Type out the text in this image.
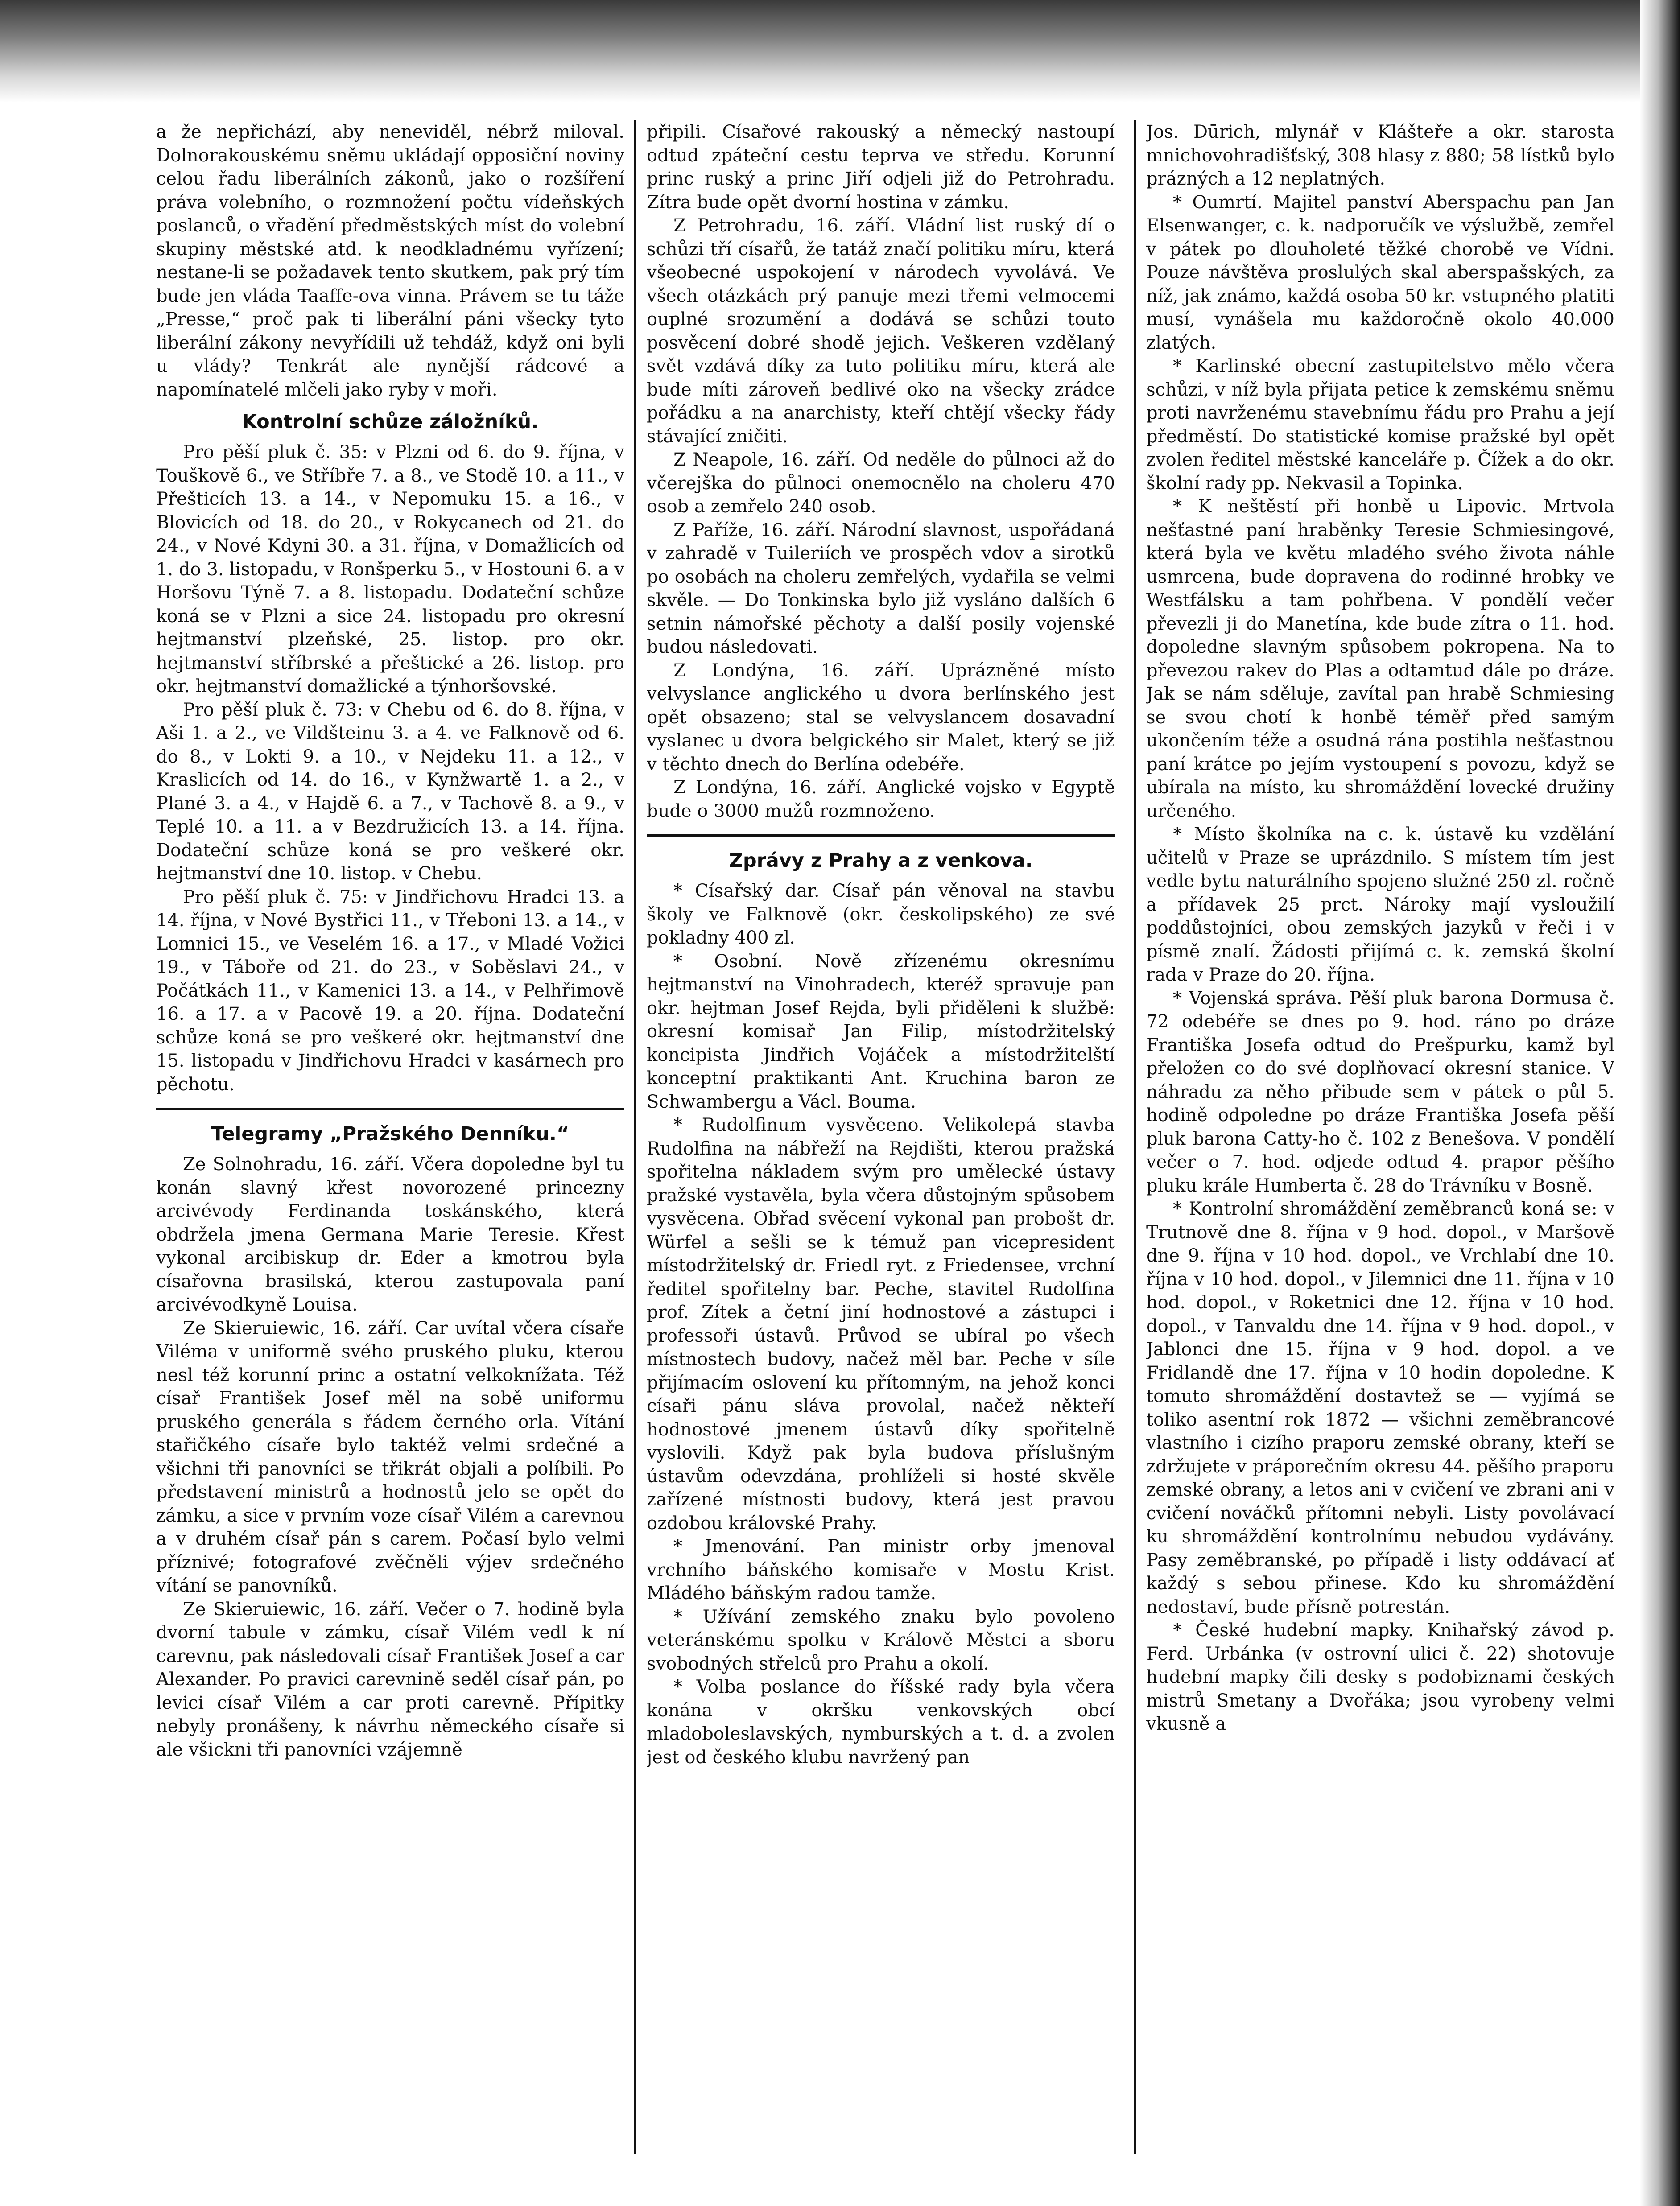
a že nepřichází, aby neneviděl, nébrž miloval. Dolnorakouskému sněmu ukládají opposiční noviny celou řadu liberálních zákonů, jako o rozšíření práva volebního, o rozmnožení počtu vídeňských poslanců, o vřadění předměstských míst do volební skupiny městské atd. k neodkladnému vyřízení; nestane-li se požadavek tento skutkem, pak prý tím bude jen vláda Taaffe-ova vinna. Právem se tu táže „Presse,“ proč pak ti liberální páni všecky tyto liberální zákony nevyřídili už tehdáž, když oni byli u vlády? Tenkrát ale nynější rádcové a napomínatelé mlčeli jako ryby v moři.

Kontrolní schůze záložníků.

Pro pěší pluk č. 35: v Plzni od 6. do 9. října, v Touškově 6., ve Stříbře 7. a 8., ve Stodě 10. a 11., v Přešticích 13. a 14., v Nepomuku 15. a 16., v Blovicích od 18. do 20., v Rokycanech od 21. do 24., v Nové Kdyni 30. a 31. října, v Domažlicích od 1. do 3. listopadu, v Ronšperku 5., v Hostouni 6. a v Horšovu Týně 7. a 8. listopadu. Dodateční schůze koná se v Plzni a sice 24. listopadu pro okresní hejtmanství plzeňské, 25. listop. pro okr. hejtmanství stříbrské a přeštické a 26. listop. pro okr. hejtmanství domažlické a týnhoršovské.

Pro pěší pluk č. 73: v Chebu od 6. do 8. října, v Aši 1. a 2., ve Vildšteinu 3. a 4. ve Falknově od 6. do 8., v Lokti 9. a 10., v Nejdeku 11. a 12., v Kraslicích od 14. do 16., v Kynžwartě 1. a 2., v Plané 3. a 4., v Hajdě 6. a 7., v Tachově 8. a 9., v Teplé 10. a 11. a v Bezdružicích 13. a 14. října. Dodateční schůze koná se pro veškeré okr. hejtmanství dne 10. listop. v Chebu.

Pro pěší pluk č. 75: v Jindřichovu Hradci 13. a 14. října, v Nové Bystřici 11., v Třeboni 13. a 14., v Lomnici 15., ve Veselém 16. a 17., v Mladé Vožici 19., v Táboře od 21. do 23., v Soběslavi 24., v Počátkách 11., v Kamenici 13. a 14., v Pelhřimově 16. a 17. a v Pacově 19. a 20. října. Dodateční schůze koná se pro veškeré okr. hejtmanství dne 15. listopadu v Jindřichovu Hradci v kasárnech pro pěchotu.

Telegramy „Pražského Denníku.“

Ze Solnohradu, 16. září. Včera dopoledne byl tu konán slavný křest novorozené princezny arcivévody Ferdinanda toskánského, která obdržela jmena Germana Marie Teresie. Křest vykonal arcibiskup dr. Eder a kmotrou byla císařovna brasilská, kterou zastupovala paní arcivévodkyně Louisa.

Ze Skieruiewic, 16. září. Car uvítal včera císaře Viléma v uniformě svého pruského pluku, kterou nesl též korunní princ a ostatní velkoknížata. Též císař František Josef měl na sobě uniformu pruského generála s řádem černého orla. Vítání stařičkého císaře bylo taktéž velmi srdečné a všichni tři panovníci se třikrát objali a políbili. Po představení ministrů a hodnostů jelo se opět do zámku, a sice v prvním voze císař Vilém a carevnou a v druhém císař pán s carem. Počasí bylo velmi příznivé; fotografové zvěčněli výjev srdečného vítání se panovníků.

Ze Skieruiewic, 16. září. Večer o 7. hodině byla dvorní tabule v zámku, císař Vilém vedl k ní carevnu, pak následovali císař František Josef a car Alexander. Po pravici carevnině seděl císař pán, po levici císař Vilém a car proti carevně. Přípitky nebyly pronášeny, k návrhu německého císaře si ale všickni tři panovníci vzájemně

připili. Císařové rakouský a německý nastoupí odtud zpáteční cestu teprva ve středu. Korunní princ ruský a princ Jiří odjeli již do Petrohradu. Zítra bude opět dvorní hostina v zámku.

Z Petrohradu, 16. září. Vládní list ruský dí o schůzi tří císařů, že tatáž značí politiku míru, která všeobecné uspokojení v národech vyvolává. Ve všech otázkách prý panuje mezi třemi velmocemi ouplné srozumění a dodává se schůzi touto posvěcení dobré shodě jejich. Veškeren vzdělaný svět vzdává díky za tuto politiku míru, která ale bude míti zároveň bedlivé oko na všecky zrádce pořádku a na anarchisty, kteří chtějí všecky řády stávající zničiti.

Z Neapole, 16. září. Od neděle do půlnoci až do včerejška do půlnoci onemocnělo na choleru 470 osob a zemřelo 240 osob.

Z Paříže, 16. září. Národní slavnost, uspořádaná v zahradě v Tuileriích ve prospěch vdov a sirotků po osobách na choleru zemřelých, vydařila se velmi skvěle. — Do Tonkinska bylo již vysláno dalších 6 setnin námořské pěchoty a další posily vojenské budou následovati.

Z Londýna, 16. září. Uprázněné místo velvyslance anglického u dvora berlínského jest opět obsazeno; stal se velvyslancem dosavadní vyslanec u dvora belgického sir Malet, který se již v těchto dnech do Berlína odebéře.

Z Londýna, 16. září. Anglické vojsko v Egyptě bude o 3000 mužů rozmnoženo.

Zprávy z Prahy a z venkova.

* Císařský dar. Císař pán věnoval na stavbu školy ve Falknově (okr. českolipského) ze své pokladny 400 zl.

* Osobní. Nově zřízenému okresnímu hejtmanství na Vinohradech, kteréž spravuje pan okr. hejtman Josef Rejda, byli přiděleni k službě: okresní komisař Jan Filip, místodržitelský koncipista Jindřich Vojáček a místodržitelští konceptní praktikanti Ant. Kruchina baron ze Schwambergu a Václ. Bouma.

* Rudolfinum vysvěceno. Velikolepá stavba Rudolfina na nábřeží na Rejdišti, kterou pražská spořitelna nákladem svým pro umělecké ústavy pražské vystavěla, byla včera důstojným spůsobem vysvěcena. Obřad svěcení vykonal pan probošt dr. Würfel a sešli se k témuž pan vicepresident místodržitelský dr. Friedl ryt. z Friedensee, vrchní ředitel spořitelny bar. Peche, stavitel Rudolfina prof. Zítek a četní jiní hodnostové a zástupci i professoři ústavů. Průvod se ubíral po všech místnostech budovy, načež měl bar. Peche v síle přijímacím oslovení ku přítomným, na jehož konci císaři pánu sláva provolal, načež někteří hodnostové jmenem ústavů díky spořitelně vyslovili. Když pak byla budova příslušným ústavům odevzdána, prohlíželi si hosté skvěle zařízené místnosti budovy, která jest pravou ozdobou královské Prahy.

* Jmenování. Pan ministr orby jmenoval vrchního báňského komisaře v Mostu Krist. Mládého báňským radou tamže.

* Užívání zemského znaku bylo povoleno veteránskému spolku v Králově Městci a sboru svobodných střelců pro Prahu a okolí.

* Volba poslance do říšské rady byla včera konána v okršku venkovských obcí mladoboleslavských, nymburských a t. d. a zvolen jest od českého klubu navržený pan

Jos. Dūrich, mlynář v Klášteře a okr. starosta mnichovohradišťský, 308 hlasy z 880; 58 lístků bylo prázných a 12 neplatných.

* Oumrtí. Majitel panství Aberspachu pan Jan Elsenwanger, c. k. nadporučík ve výslužbě, zemřel v pátek po dlouholeté těžké chorobě ve Vídni. Pouze návštěva proslulých skal aberspašských, za níž, jak známo, každá osoba 50 kr. vstupného platiti musí, vynášela mu každoročně okolo 40.000 zlatých.

* Karlinské obecní zastupitelstvo mělo včera schůzi, v níž byla přijata petice k zemskému sněmu proti navrženému stavebnímu řádu pro Prahu a její předměstí. Do statistické komise pražské byl opět zvolen ředitel městské kanceláře p. Čížek a do okr. školní rady pp. Nekvasil a Topinka.

* K neštěstí při honbě u Lipovic. Mrtvola nešťastné paní hraběnky Teresie Schmiesingové, která byla ve květu mladého svého života náhle usmrcena, bude dopravena do rodinné hrobky ve Westfálsku a tam pohřbena. V pondělí večer převezli ji do Manetína, kde bude zítra o 11. hod. dopoledne slavným spůsobem pokropena. Na to převezou rakev do Plas a odtamtud dále po dráze. Jak se nám sděluje, zavítal pan hrabě Schmiesing se svou chotí k honbě téměř před samým ukončením téže a osudná rána postihla nešťastnou paní krátce po jejím vystoupení s povozu, když se ubírala na místo, ku shromáždění lovecké družiny určeného.

* Místo školníka na c. k. ústavě ku vzdělání učitelů v Praze se uprázdnilo. S místem tím jest vedle bytu naturálního spojeno služné 250 zl. ročně a přídavek 25 prct. Nároky mají vysloužilí poddůstojníci, obou zemských jazyků v řeči i v písmě znalí. Žádosti přijímá c. k. zemská školní rada v Praze do 20. října.

* Vojenská správa. Pěší pluk barona Dormusa č. 72 odebéře se dnes po 9. hod. ráno po dráze Františka Josefa odtud do Prešpurku, kamž byl přeložen co do své doplňovací okresní stanice. V náhradu za něho přibude sem v pátek o půl 5. hodině odpoledne po dráze Františka Josefa pěší pluk barona Catty-ho č. 102 z Benešova. V pondělí večer o 7. hod. odjede odtud 4. prapor pěšího pluku krále Humberta č. 28 do Trávníku v Bosně.

* Kontrolní shromáždění zeměbranců koná se: v Trutnově dne 8. října v 9 hod. dopol., v Maršově dne 9. října v 10 hod. dopol., ve Vrchlabí dne 10. října v 10 hod. dopol., v Jilemnici dne 11. října v 10 hod. dopol., v Roketnici dne 12. října v 10 hod. dopol., v Tanvaldu dne 14. října v 9 hod. dopol., v Jablonci dne 15. října v 9 hod. dopol. a ve Fridlandě dne 17. října v 10 hodin dopoledne. K tomuto shromáždění dostavtež se — vyjímá se toliko asentní rok 1872 — všichni zeměbrancové vlastního i cizího praporu zemské obrany, kteří se zdržujete v práporečním okresu 44. pěšího praporu zemské obrany, a letos ani v cvičení ve zbrani ani v cvičení nováčků přítomni nebyli. Listy povolávací ku shromáždění kontrolnímu nebudou vydávány. Pasy zeměbranské, po případě i listy oddávací ať každý s sebou přinese. Kdo ku shromáždění nedostaví, bude přísně potrestán.

* České hudební mapky. Knihařský závod p. Ferd. Urbánka (v ostrovní ulici č. 22) shotovuje hudební mapky čili desky s podobiznami českých mistrů Smetany a Dvořáka; jsou vyrobeny velmi vkusně a
